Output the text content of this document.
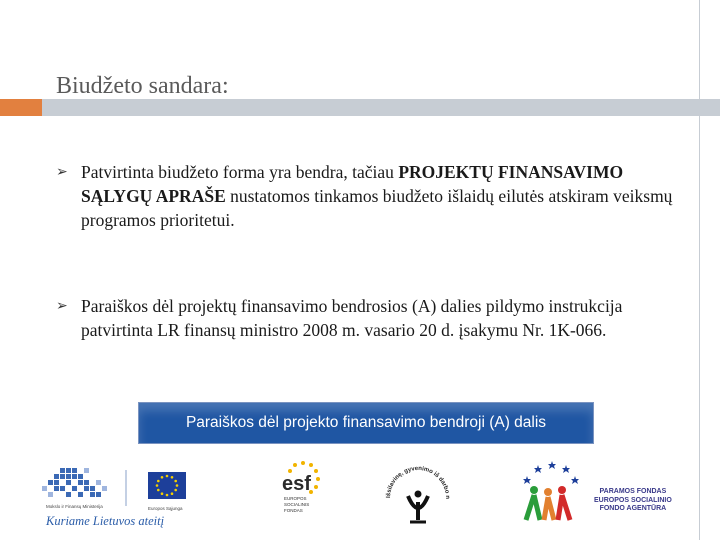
Biudžeto sandara:
➢ Patvirtinta biudžeto forma yra bendra, tačiau PROJEKTŲ FINANSAVIMO SĄLYGŲ APRAŠE nustatomos tinkamos biudžeto išlaidų eilutės atskiram veiksmų programos prioritetui.
➢ Paraiškos dėl projektų finansavimo bendrosios (A) dalies pildymo instrukcija patvirtinta LR finansų ministro 2008 m. vasario 20 d. įsakymu Nr. 1K-066.
Paraiškos dėl projekto finansavimo bendroji (A) dalis
Mokslo ir Finansų Ministerija	Europos Sąjunga
Kuriame Lietuvos ateitį
esf
EUROPOS
SOCIALINIS
FONDAS
Išsilavinę, gyvenimo iš darbo n
PARAMOS FONDAS
EUROPOS SOCIALINIO
FONDO AGENTŪRA
